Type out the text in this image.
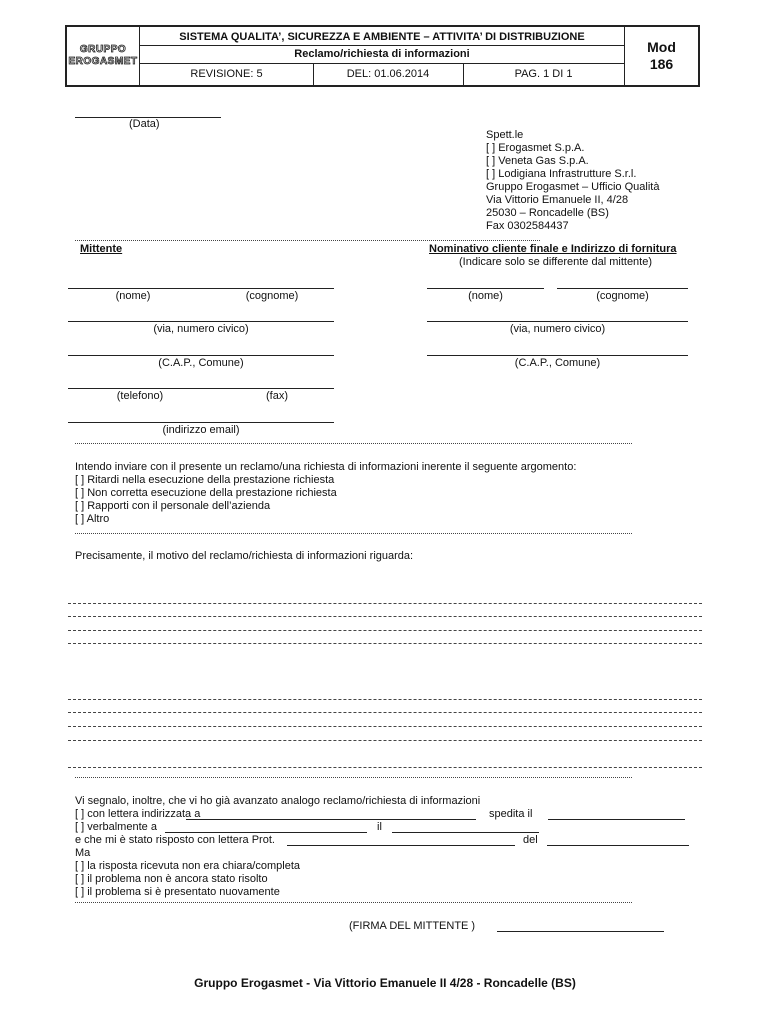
GRUPPO
EROGASMET
SISTEMA QUALITA’, SICUREZZA E AMBIENTE – ATTIVITA’ DI DISTRIBUZIONE
Reclamo/richiesta di informazioni
REVISIONE: 5	DEL: 01.06.2014	PAG. 1 DI 1
Mod
186
(Data)
Spett.le
[ ] Erogasmet S.p.A.
[ ] Veneta Gas S.p.A.
[ ] Lodigiana Infrastrutture S.r.l.
Gruppo Erogasmet – Ufficio Qualità
Via Vittorio Emanuele II, 4/28
25030 – Roncadelle (BS)
Fax 0302584437
Mittente	Nominativo cliente finale e Indirizzo di fornitura
(Indicare solo se differente dal mittente)
(nome)	(cognome)
(via, numero civico)
(C.A.P., Comune)
(telefono)	(fax)
(indirizzo email)
(nome)	(cognome)
(via, numero civico)
(C.A.P., Comune)
Intendo inviare con il presente un reclamo/una richiesta di informazioni inerente il seguente argomento:
[ ] Ritardi nella esecuzione della prestazione richiesta
[ ] Non corretta esecuzione della prestazione richiesta
[ ] Rapporti con il personale dell’azienda
[ ] Altro
Precisamente, il motivo del reclamo/richiesta di informazioni riguarda:
Vi segnalo, inoltre, che vi ho già avanzato analogo reclamo/richiesta di informazioni
[ ] con lettera indirizzata a	spedita il
[ ] verbalmente a	il
e che mi è stato risposto con lettera Prot.	del
Ma
[ ] la risposta ricevuta non era chiara/completa
[ ] il problema non è ancora stato risolto
[ ] il problema si è presentato nuovamente
(FIRMA DEL MITTENTE )
Gruppo Erogasmet - Via Vittorio Emanuele II 4/28 - Roncadelle (BS)
